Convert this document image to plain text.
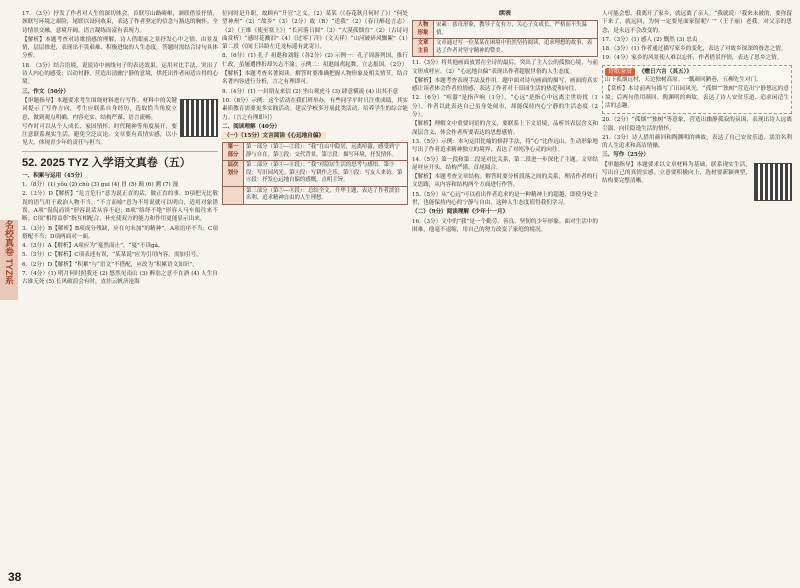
名校真卷 TYZ系

17. （3分）抒发了作者对人生的深切体会。首联写山路崎岖，颔联借景抒情，颈联写环境之艰险，尾联以设问收束，表达了作者坚定的信念与豁达的胸怀。全诗情景交融，意境开阔，语言凝练而富有表现力。

【解析】本题考查对诗歌情感的理解。诗人借眼前之景抒发心中之情，由景及情，层层推进，表现出不畏艰难、积极进取的人生态度。答题时需结合诗句具体分析。

18. （3分）结合语境，说说诗中画线句子的表达效果。运用对比手法，突出了诗人内心的感受；以动衬静，营造出清幽宁静的意境，烘托出作者闲适自得的心境。

三、作文（50分）

【审题指导】本题要求考生围绕材料进行写作。材料中的关键词提示了写作方向，考生应联系自身经历，选取恰当角度立意，做到观点明确、内容充实、结构严谨、语言流畅。

写作时可以从个人成长、家国情怀、时代精神等角度展开，要注意联系现实生活，避免空泛议论。文章要有真情实感，以小见大，体现青少年的责任与担当。

52. 2025 TYZ 入学语文真卷（五）

一、积累与运用（45分）

1.（8分）(1) yǒu (2) chù (3) gui (4) 胃 (5) 颠 (6) 溯 (7) 漫

2.（3分）D【解析】“危言危行”意为说正直的话，做正直的事。D项把无比敬畏的语气用于政治人物不当，“不言而喻”意为不用说就可以明白，适用对象错误。A项“侃侃而谈”形容说话从容不迫；B项“络绎不绝”形容人马车船往来不断；C项“相得益彰”指互相配合、补充使双方的能力和作用更能显示出来。

3.（3分）B【解析】B项成分残缺，应在句末加“的精神”。A项语序不当；C项搭配不当；D项两面对一面。

4.（3分）A【解析】A项应为“戛然而止”，“戛”不读gá。

5.（3分）C【解析】C项表述有误，“某某说”应为引用内容，需加引号。

6.（2分）D【解析】“积累”与“语文”不搭配，应改为“积累语文知识”。

7.（4分）(1) 明月何时照我还 (2) 悠然见南山 (3) 醉翁之意不在酒 (4) 人生自古谁无死 (5) 长风破浪会有时，直挂云帆济沧海

位同时是升职，故顾有“升官”之义。（2）某某（《春花秋月何时了》）“何处望神州”（2）“故乡”（3）（2分）故（B）“送我”（2）（春日醉起言志）（2）（王维《使至塞上》）“长河落日圆”（3）“大漠孤烟直”（2）（古诗词曲赏析）“感时花溅泪”（4）《过零丁洋》（文天祥）“山河破碎风飘絮”（1）第二段（《闻王昌龄左迁龙标遥有此寄》）。

8.（6分）(1) 孔子 祖逖和刘琨（各2分）(2) 示例一：孔子周游列国，推行仁政，虽屡遭挫折却矢志不渝；示例二：祖逖闻鸡起舞，立志报国。（2分）

【解析】本题考查名著阅读。解答时要准确把握人物形象及相关情节，结合名著内容进行分析，言之有理即可。

9.（4分）(1) 一封朋友来信 (2) 坐山观虎斗 (3) 肆意横流 (4) 出其不意

10.（8分）示例：这个活动在我们班举办，有些同学平时只注重成绩，其实素质教育需要更多实践活动。建议学校多开展此类活动，培养学生的综合能力。（言之有理即可）

二、阅读理解（40分）

（一）（15分）文言阅读《心远地自偏》

第一部分	第一部分（第①—②段）：“我”在山中隐居，远离喧嚣，感受到宁静与自在。第①段：交代背景。第②段：描写环境，抒发情怀。
层次划分	第二部分（第③—⑥段）：“我”对隐居生活的思考与感悟。第③段：写田园风光。第④段：写耕作之乐。第⑤段：写友人来访。第⑥段：抒发心远地自偏的感慨，点明主旨。
	第三部分（第⑦—⑧段）：总结全文，升华主题，表达了作者淡泊名利、追求精神自由的人生理想。
续表
人物形象	宋素：慈母形象，教导子女有方，关心子女成长，严格而不失温情。
文章主旨	文章通过写一位某某在困境中仍然坚持阅读、追求理想的故事，表达了作者对坚守精神的赞美。

11.（3分）将其他画面放置在全诗的最后，突出了主人公的孤独心境，与前文形成呼应。（2）“心远地自偏”表现出作者超脱世俗的人生态度。

【解析】本题考查表现手法及作用。题中面对诗句画面的描写，画面的真实感让读者体会作者的情感，表达了作者对于田园生活的热爱和向往。

12.（6分）“喧嚣”是指声响（1分），“心远”是指心中远离尘世纷扰（1分）。作者以此表达自己虽身处闹市，却能保持内心宁静的生活态度（2分）。

【解析】理解文中重要词语的含义，要联系上下文语境，品析其表层含义和深层含义，体会作者所要表达的思想感情。

13.（5分）示例：本句运用比喻的修辞手法，将“心”比作远山，生动形象地写出了作者追求精神独立的境界，表达了对纯净心灵的向往。

14.（5分）第一段和第二段是对比关系，第二段进一步深化了主题。文章结尾呼应开头，结构严谨，首尾圆合。

【解析】本题考查文章结构。解答时要分析段落之间的关系，理清作者的行文思路，从内容和结构两个方面进行作答。

15.（5分）从“心远”可以看出作者追求的是一种精神上的超越，即使身处尘世，也能保持内心的宁静与自由，这种人生态度值得我们学习。

（二）（9分）阅读理解《少年十一月》

16.（3分）文中的“我”是一个勤劳、善良、坚韧的少年形象。面对生活中的困难，他毫不退缩，用自己的努力改变了家庭的境况。

人可能会想，我离开了家乡，就远离了亲人。“我就说：‘我来未被的，要你留下来了，就远回，为何一定要见面家留呢？’”（王子丽）老我。对父亲的思念，是永远不会改变的。

17.（3分）(1) 感人 (2) 慨然 (3) 忠贞

18.（3分）(1) 作者通过描写家乡的变化，表达了对故乡深深的眷恋之情。

19.（4分）家乡的风景使人难以忘怀，作者借景抒情，表达了思乡之情。

诗歌鉴赏 《赠日六言（其五）》

山下孤烟远村，天边独树高原。一瓢颜回陋巷，五柳先生对门。

【赏析】本诗前两句描写了田园风光，“孤烟”“独树”营造出宁静悠远的意境；后两句借用颜回、陶渊明的典故，表达了诗人安贫乐道、追求闲适生活的志趣。

20.（2分）“孤烟”“独树”等意象，营造出幽静孤寂的氛围，表现出诗人远离尘嚣、向往隐逸生活的情怀。

21.（3分）诗人借用颜回和陶渊明的典故，表达了自己安贫乐道、淡泊名利的人生追求和高洁情操。

三、写作（25分）

【审题指导】本题要求以文章材料为基础，联系现实生活，写出自己的真情实感。立意要积极向上，选材要新颖典型，结构要完整清晰。

38
